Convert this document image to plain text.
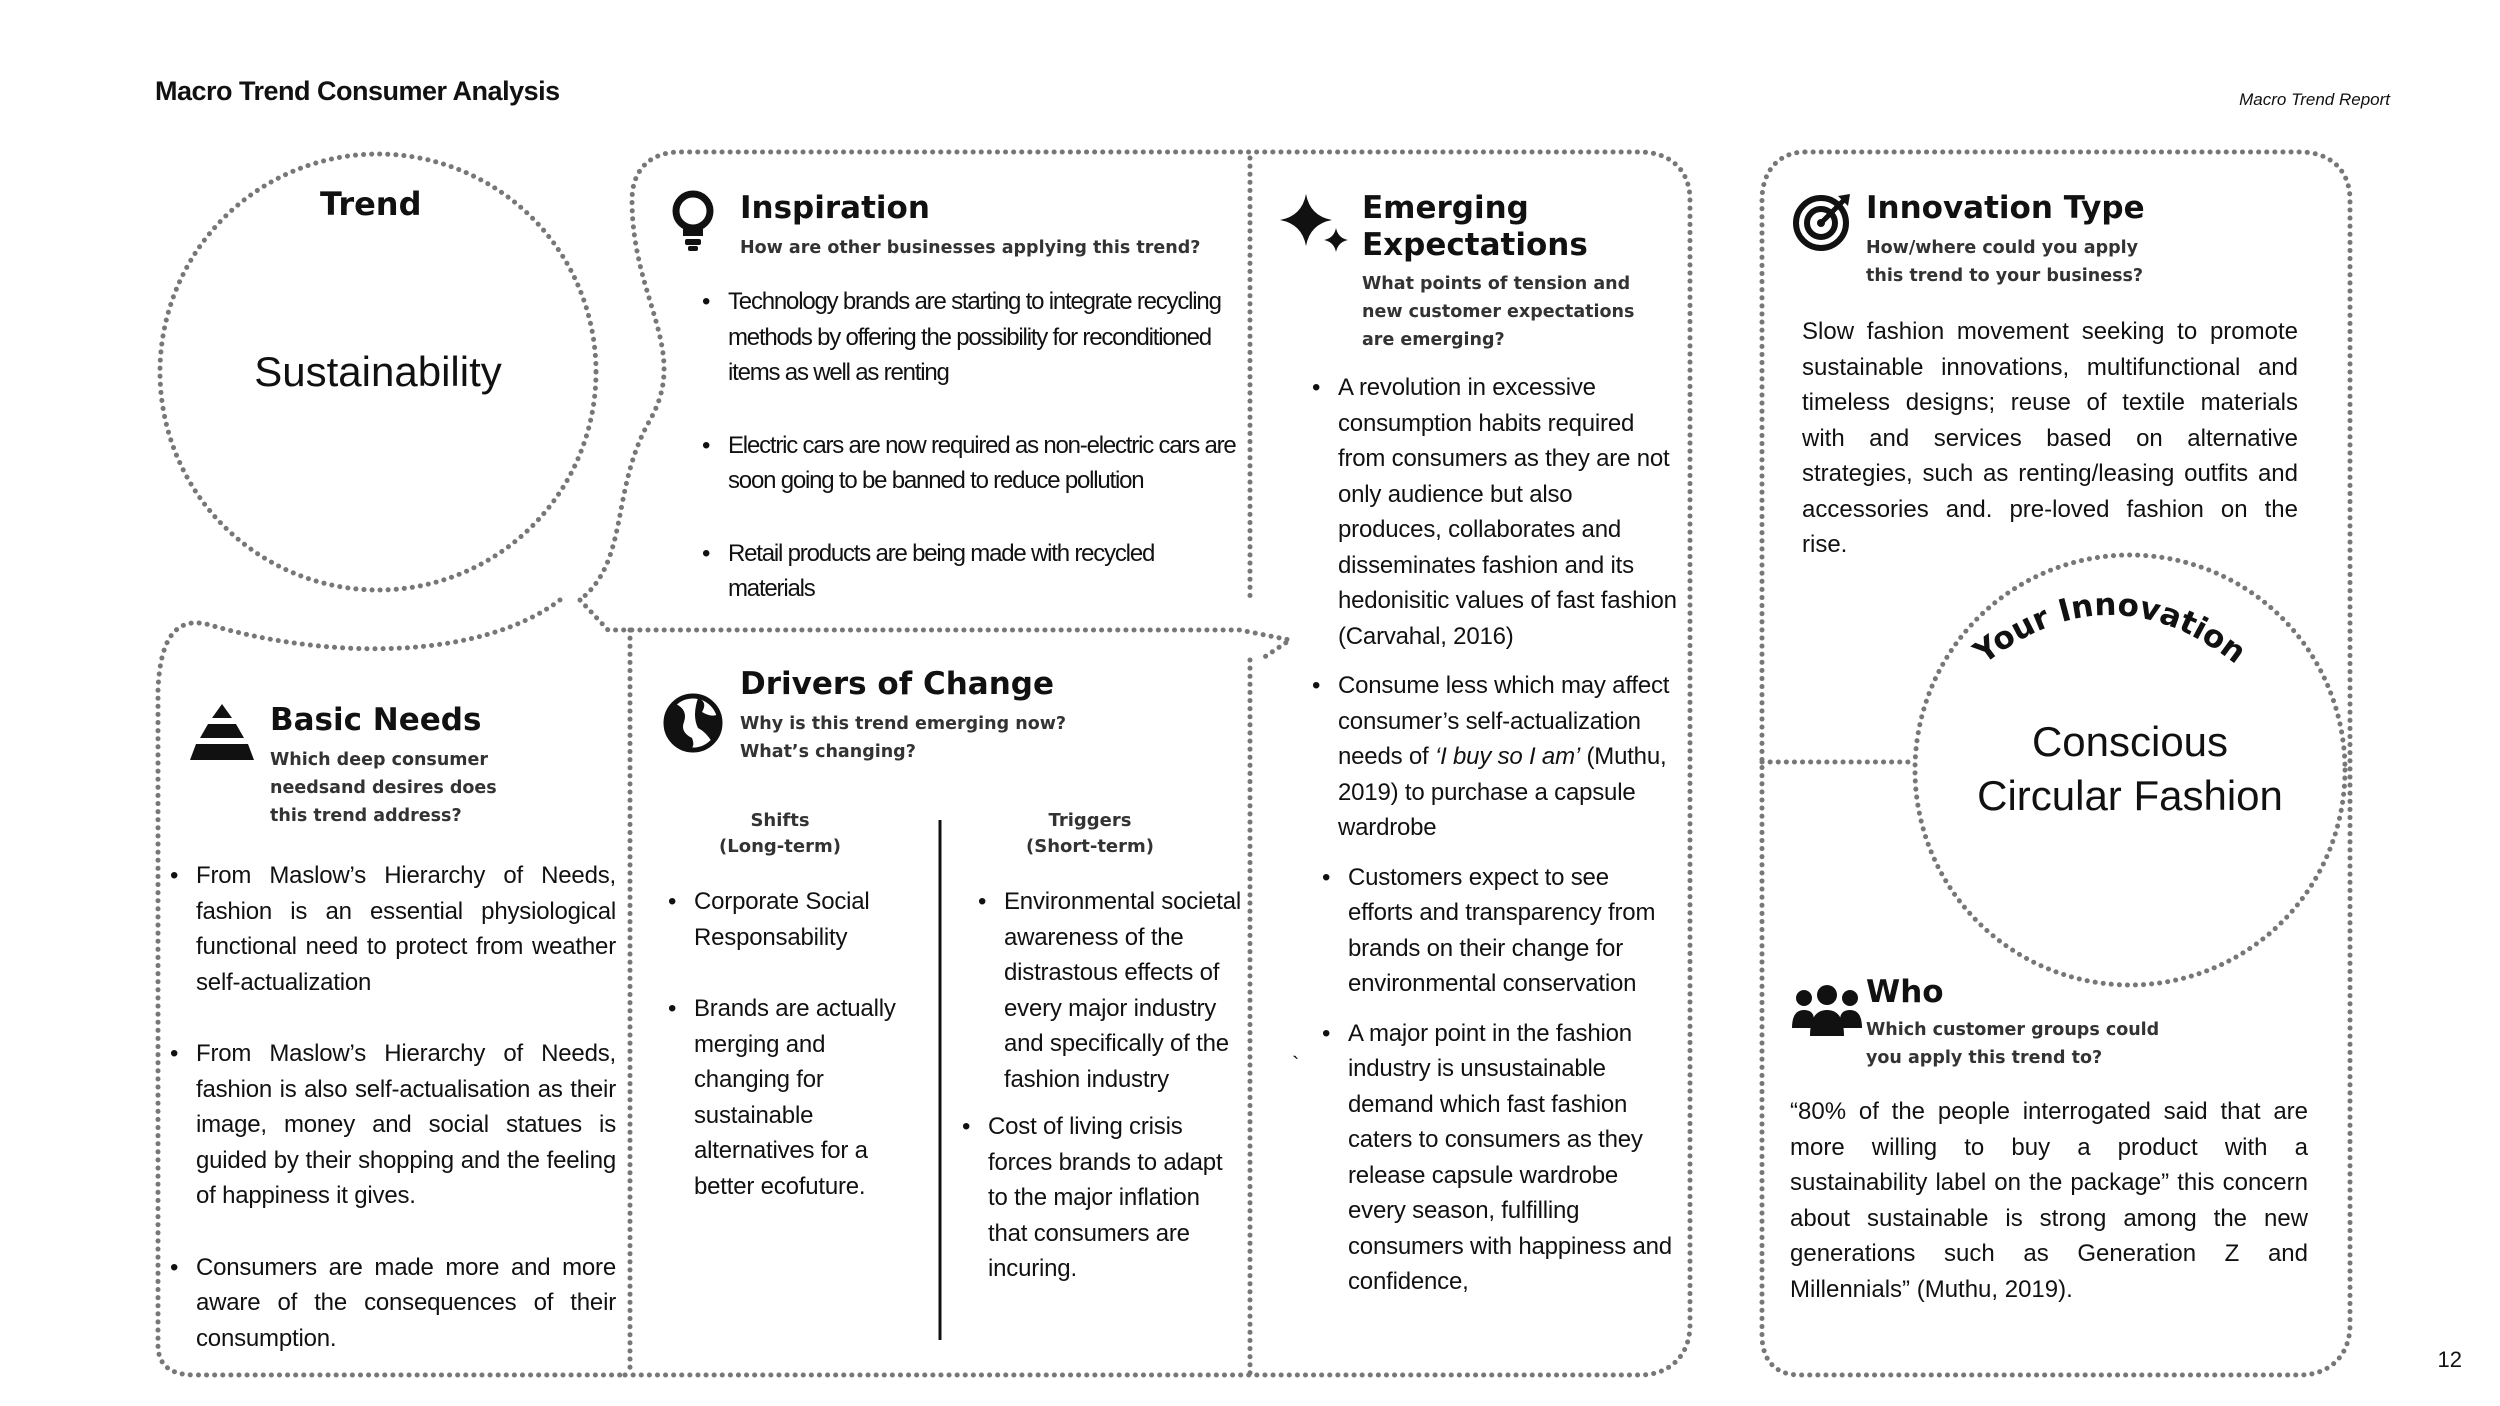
Macro Trend Consumer Analysis	Macro Trend Report
12
Trend
Sustainability
Inspiration
How are other businesses applying this trend?
• Technology brands are starting to integrate recycling methods by offering the possibility for reconditioned items as well as renting
• Electric cars are now required as non-electric cars are soon going to be banned to reduce pollution
• Retail products are being made with recycled materials
Emerging
Expectations
What points of tension and new customer expectations are emerging?
• A revolution in excessive consumption habits required from consumers as they are not only audience but also produces, collaborates and disseminates fashion and its hedonisitic values of fast fashion (Carvahal, 2016)
• Consume less which may affect consumer’s self-actualization needs of ‘I buy so I am’ (Muthu, 2019) to purchase a capsule wardrobe
• Customers expect to see efforts and transparency from brands on their change for environmental conservation
• A major point in the fashion industry is unsustainable demand which fast fashion caters to consumers as they release capsule wardrobe every season, fulfilling consumers with happiness and confidence,
`
Innovation Type
How/where could you apply this trend to your business?
Slow fashion movement seeking to promote sustainable innovations, multifunctional and timeless designs; reuse of textile materials with and services based on alternative strategies, such as renting/leasing outfits and accessories and. pre-loved fashion on the rise.
Your Innovation
Conscious
Circular Fashion
Basic Needs
Which deep consumer needsand desires does this trend address?
• From Maslow’s Hierarchy of Needs, fashion is an essential physiological functional need to protect from weather self-actualization
• From Maslow’s Hierarchy of Needs, fashion is also self-actualisation as their image, money and social statues is guided by their shopping and the feeling of happiness it gives.
• Consumers are made more and more aware of the consequences of their consumption.
Drivers of Change
Why is this trend emerging now? What’s changing?
Shifts
(Long-term)
Triggers
(Short-term)
• Corporate Social Responsability
• Brands are actually merging and changing for sustainable alternatives for a better ecofuture.
• Environmental societal awareness of the distrastous effects of every major industry and specifically of the fashion industry
• Cost of living crisis forces brands to adapt to the major inflation that consumers are incuring.
Who
Which customer groups could you apply this trend to?
“80% of the people interrogated said that are more willing to buy a product with a sustainability label on the package” this concern about sustainable is strong among the new generations such as Generation Z and Millennials” (Muthu, 2019).
